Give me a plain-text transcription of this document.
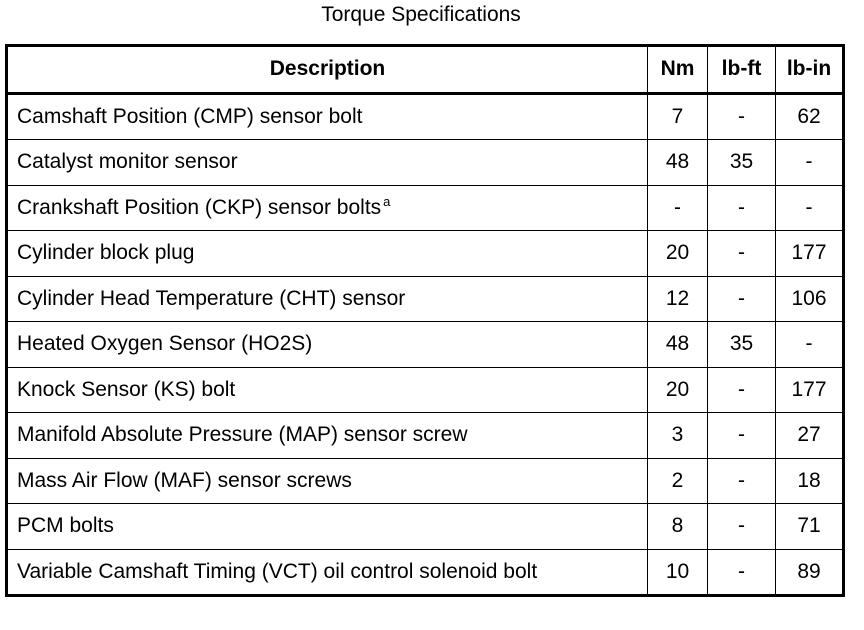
Torque Specifications
Description	Nm	lb-ft	lb-in
Camshaft Position (CMP) sensor bolt	7	-	62
Catalyst monitor sensor	48	35	-
Crankshaft Position (CKP) sensor bolts $^a$	-	-	-
Cylinder block plug	20	-	177
Cylinder Head Temperature (CHT) sensor	12	-	106
Heated Oxygen Sensor (HO2S)	48	35	-
Knock Sensor (KS) bolt	20	-	177
Manifold Absolute Pressure (MAP) sensor screw	3	-	27
Mass Air Flow (MAF) sensor screws	2	-	18
PCM bolts	8	-	71
Variable Camshaft Timing (VCT) oil control solenoid bolt	10	-	89
